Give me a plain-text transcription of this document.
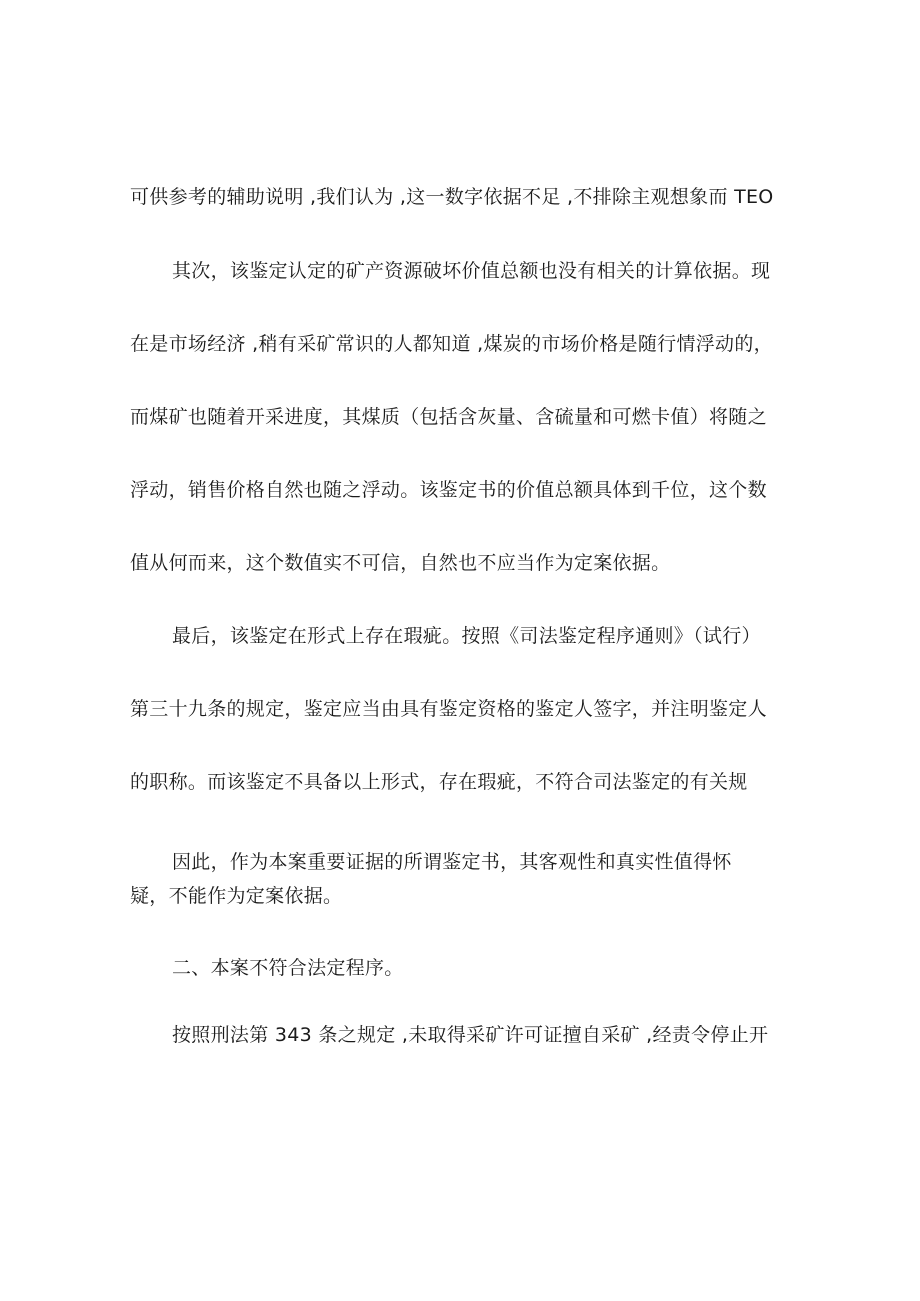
可供参考的辅助说明 ,我们认为 ,这一数字依据不足 ,不排除主观想象而 TEO
其次，该鉴定认定的矿产资源破坏价值总额也没有相关的计算依据。现
在是市场经济 ,稍有采矿常识的人都知道 ,煤炭的市场价格是随行情浮动的，
而煤矿也随着开采进度，其煤质（包括含灰量、含硫量和可燃卡值）将随之
浮动，销售价格自然也随之浮动。该鉴定书的价值总额具体到千位，这个数
值从何而来，这个数值实不可信，自然也不应当作为定案依据。
最后，该鉴定在形式上存在瑕疵。按照《司法鉴定程序通则》（试行）
第三十九条的规定，鉴定应当由具有鉴定资格的鉴定人签字，并注明鉴定人
的职称。而该鉴定不具备以上形式，存在瑕疵，不符合司法鉴定的有关规
因此，作为本案重要证据的所谓鉴定书，其客观性和真实性值得怀
疑，不能作为定案依据。
二、本案不符合法定程序。
按照刑法第 343 条之规定 ,未取得采矿许可证擅自采矿 ,经责令停止开
